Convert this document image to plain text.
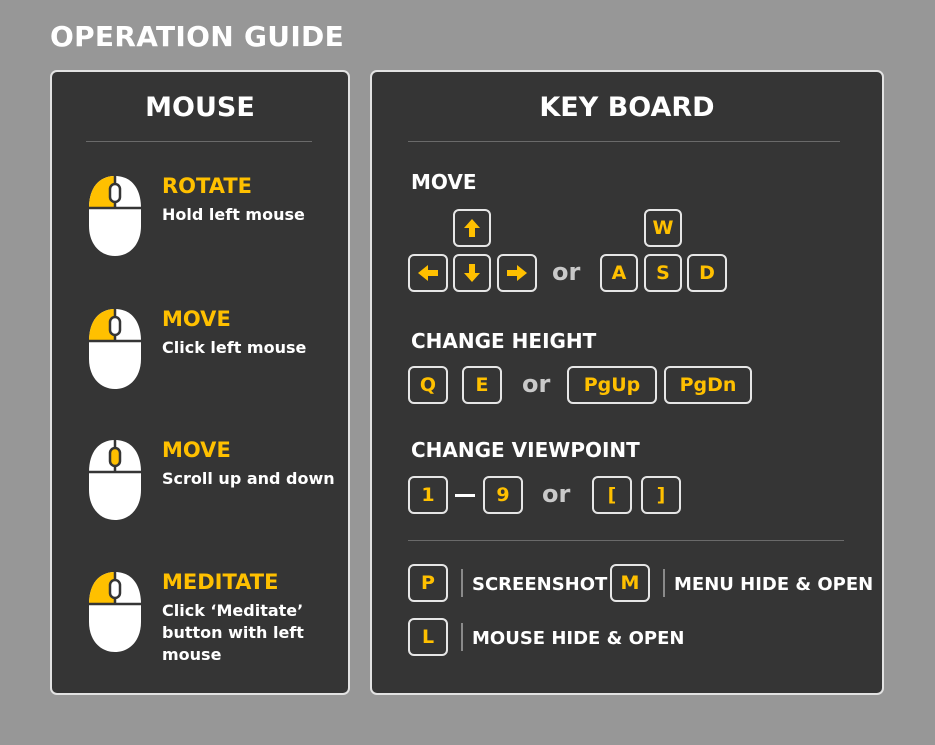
OPERATION GUIDE
MOUSE
ROTATE
Hold left mouse
MOVE
Click left mouse
MOVE
Scroll up and down
MEDITATE
Click ‘Meditate’ button with left mouse
KEY BOARD
MOVE
or
W
A	S	D
CHANGE HEIGHT
Q	E	or	PgUp	PgDn
CHANGE VIEWPOINT
1	9	or	[	]
P	SCREENSHOT M	MENU HIDE & OPEN
L	MOUSE HIDE & OPEN
